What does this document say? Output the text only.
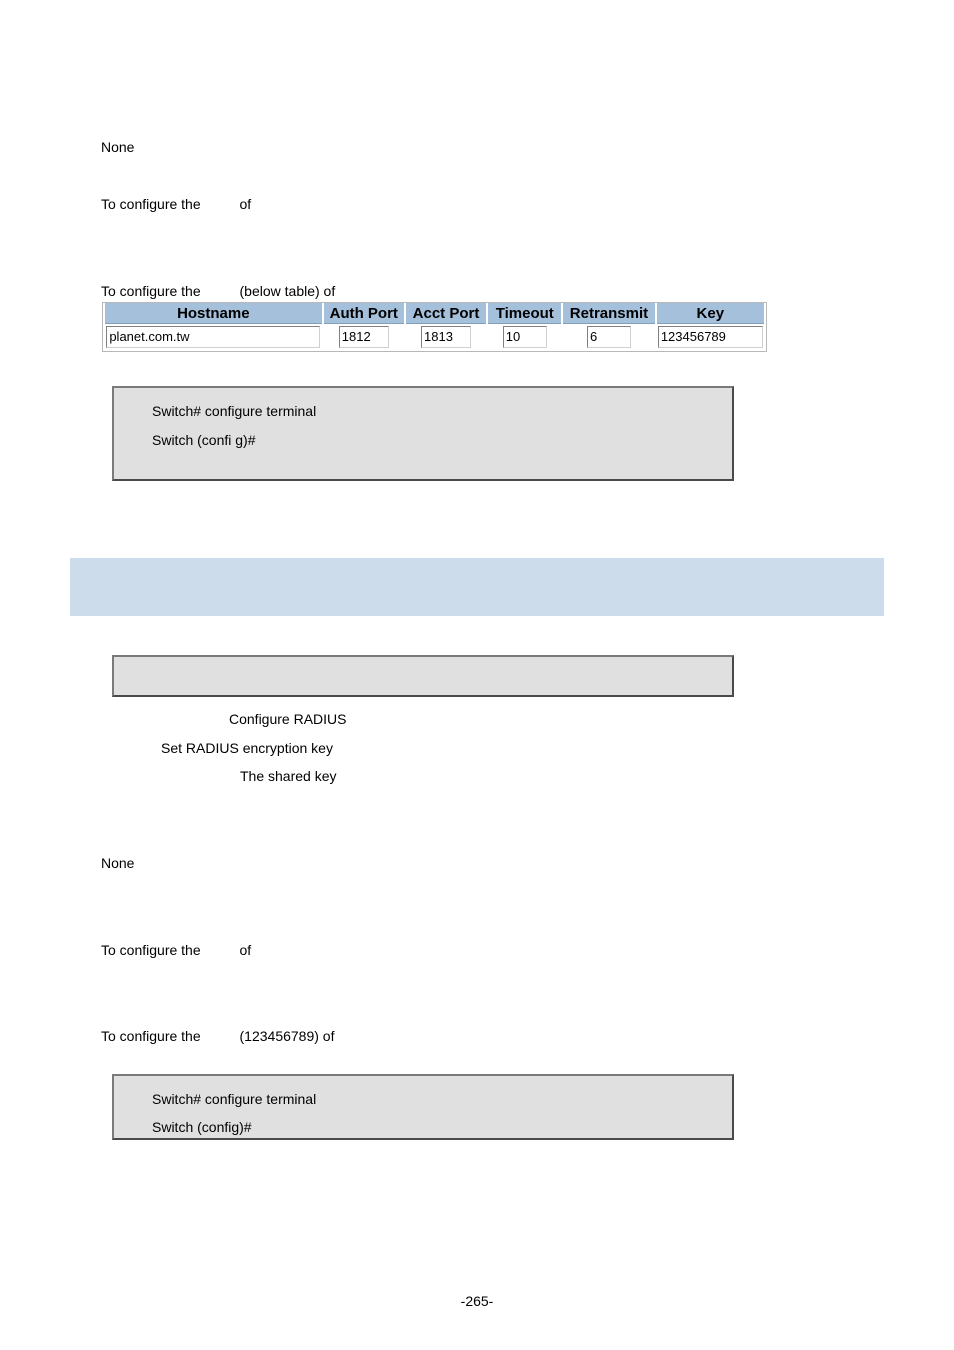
None
To configure the          of
To configure the          (below table) of
Hostname	Auth Port	Acct Port	Timeout	Retransmit	Key
planet.com.tw	1812	1813	10	6	123456789
Switch# configure terminal
Switch (confi g)#
Configure RADIUS
Set RADIUS encryption key
The shared key
None
To configure the          of
To configure the          (123456789) of
Switch# configure terminal
Switch (config)#
-265-
